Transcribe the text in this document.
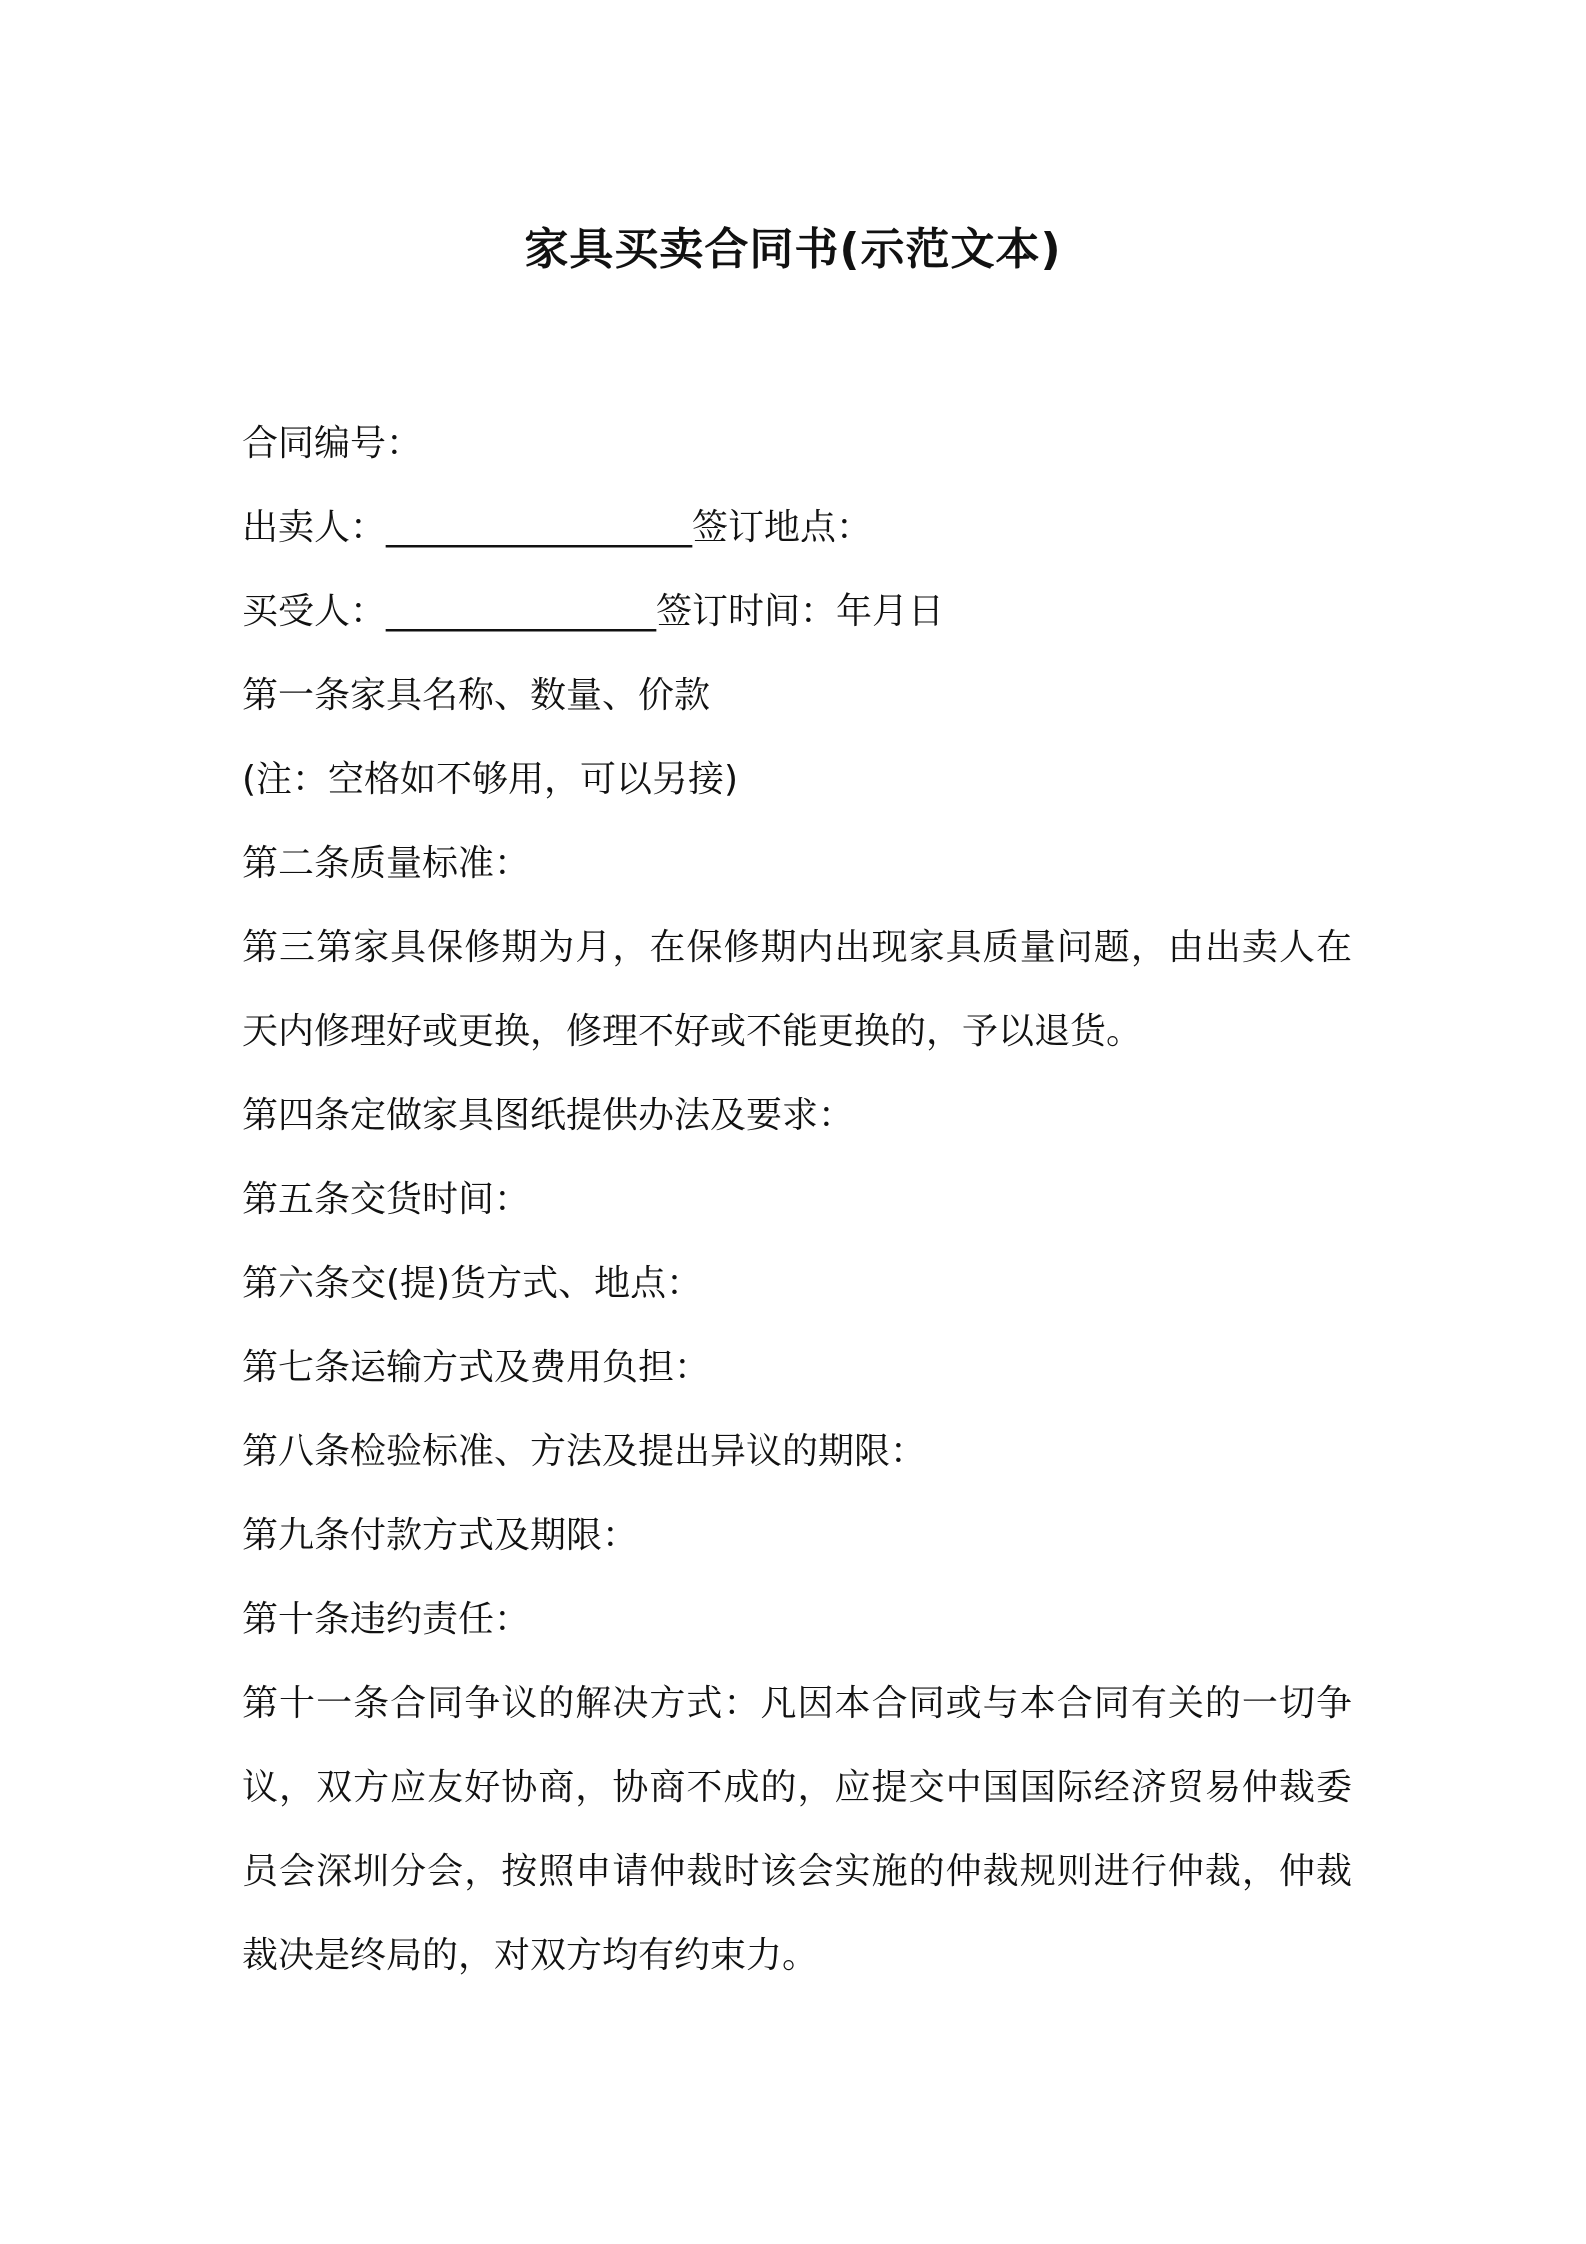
家具买卖合同书(示范文本)
合同编号：
出卖人：_________________签订地点：
买受人：_______________签订时间：年月日
第一条家具名称、数量、价款
(注：空格如不够用，可以另接)
第二条质量标准：
第三第家具保修期为月，在保修期内出现家具质量问题，由出卖人在天内修理好或更换，修理不好或不能更换的，予以退货。
第四条定做家具图纸提供办法及要求：
第五条交货时间：
第六条交(提)货方式、地点：
第七条运输方式及费用负担：
第八条检验标准、方法及提出异议的期限：
第九条付款方式及期限：
第十条违约责任：
第十一条合同争议的解决方式：凡因本合同或与本合同有关的一切争议，双方应友好协商，协商不成的，应提交中国国际经济贸易仲裁委员会深圳分会，按照申请仲裁时该会实施的仲裁规则进行仲裁，仲裁裁决是终局的，对双方均有约束力。
